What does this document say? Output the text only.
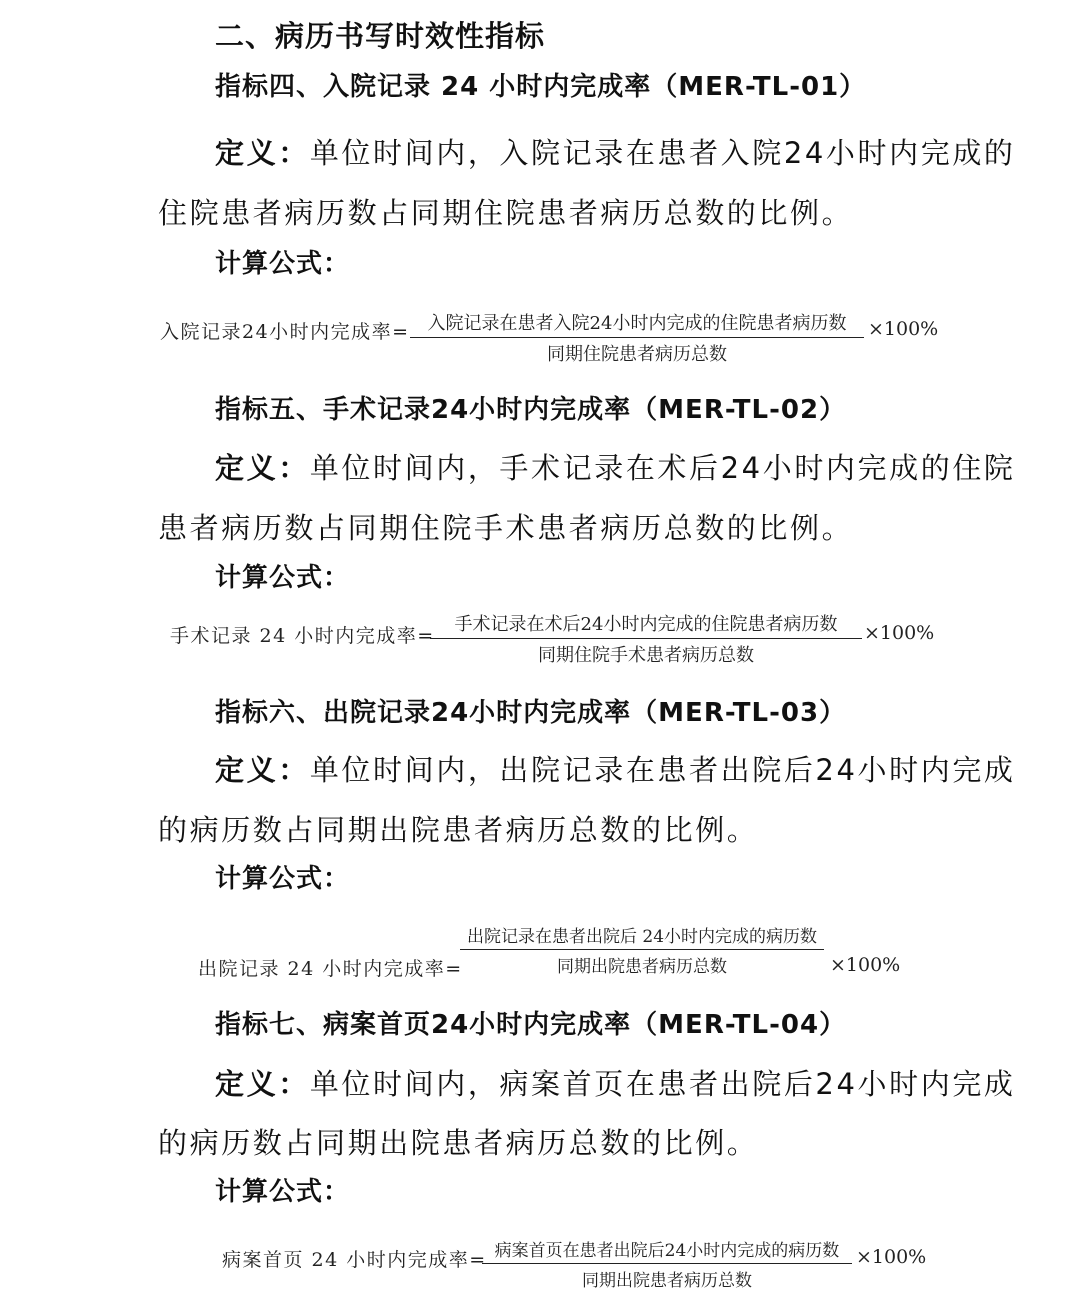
二、病历书写时效性指标
指标四、入院记录 24 小时内完成率（MER-TL-01）
定义：单位时间内，入院记录在患者入院24小时内完成的
住院患者病历数占同期住院患者病历总数的比例。
计算公式：
入院记录24小时内完成率= 入院记录在患者入院24小时内完成的住院患者病历数
同期住院患者病历总数
×100%
指标五、手术记录24小时内完成率（MER-TL-02）
定义：单位时间内，手术记录在术后24小时内完成的住院
患者病历数占同期住院手术患者病历总数的比例。
计算公式：
手术记录 24 小时内完成率=
手术记录在术后24小时内完成的住院患者病历数
同期住院手术患者病历总数
×100%
指标六、出院记录24小时内完成率（MER-TL-03）
定义：单位时间内，出院记录在患者出院后24小时内完成
的病历数占同期出院患者病历总数的比例。
计算公式：
出院记录 24 小时内完成率=
出院记录在患者出院后 24小时内完成的病历数
同期出院患者病历总数	×100%
指标七、病案首页24小时内完成率（MER-TL-04）
定义：单位时间内，病案首页在患者出院后24小时内完成
的病历数占同期出院患者病历总数的比例。
计算公式：
病案首页 24 小时内完成率= 病案首页在患者出院后24小时内完成的病历数
同期出院患者病历总数
×100%
